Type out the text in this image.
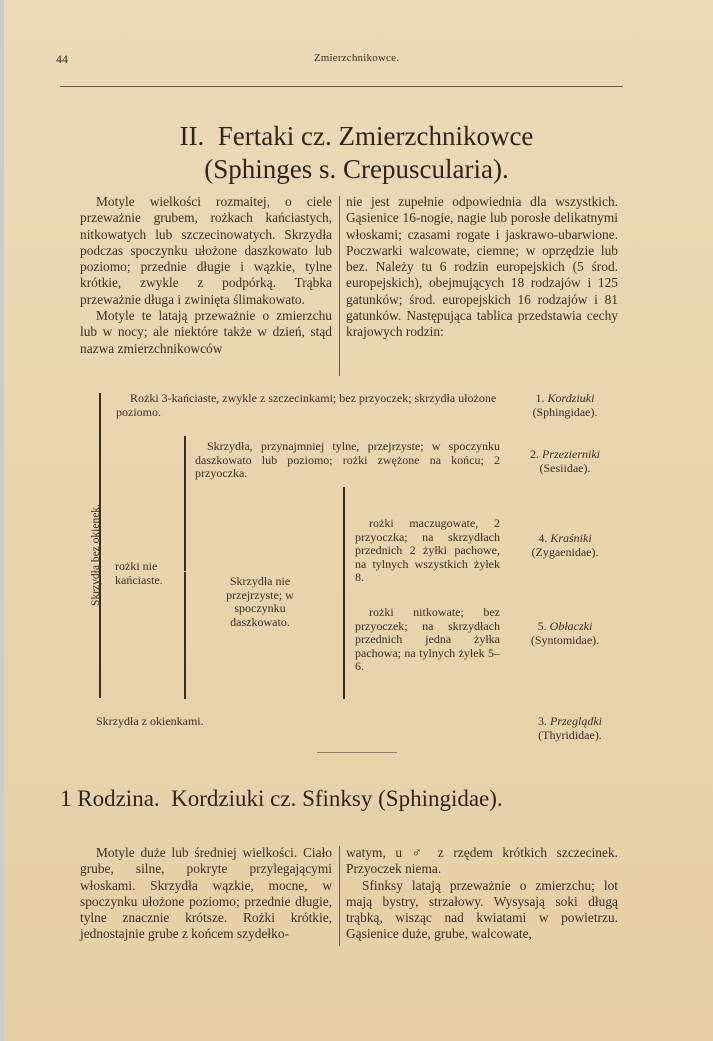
44	Zmierzchnikowce.
II.  Fertaki cz. Zmierzchnikowce
(Sphinges s. Crepuscularia).

Motyle wielkości rozmaitej, o ciele przeważnie grubem, rożkach kańciastych, nitkowatych lub szczecinowatych. Skrzydła podczas spoczynku ułożone daszkowato lub poziomo; przednie długie i wązkie, tylne krótkie, zwykle z podpórką. Trąbka przeważnie długa i zwinięta ślimakowato.

Motyle te latają przeważnie o zmierzchu lub w nocy; ale niektóre także w dzień, stąd nazwa zmierzchnikowców

nie jest zupełnie odpowiednia dla wszystkich. Gąsienice 16-nogie, nagie lub porosłe delikatnymi włoskami; czasami rogate i jaskrawo-ubarwione. Poczwarki walcowate, ciemne; w oprzędzie lub bez. Należy tu 6 rodzin europejskich (5 środ. europejskich), obejmujących 18 rodzajów i 125 gatunków; środ. europejskich 16 rodzajów i 81 gatunków. Następująca tablica przedstawia cechy krajowych rodzin:

Skrzydła bez okienek.
Rożki 3-kańciaste, zwykle z szczecinkami; bez przyoczek; skrzydła ułożone poziomo.
rożki nie kańciaste.
Skrzydła, przynajmniej tylne, przejrzyste; w spoczynku daszkowato lub poziomo; rożki zwężone na końcu; 2 przyoczka.
Skrzydła nie przejrzyste; w spoczynku daszkowato.
rożki maczugowate, 2 przyoczka; na skrzydłach przednich 2 żyłki pachowe, na tylnych wszystkich żyłek 8.
rożki nitkowate; bez przyoczek; na skrzydłach przednich jedna żyłka pachowa; na tylnych żyłek 5–6.
Skrzydła z okienkami.
1. Kordziuki
(Sphingidae).
2. Przezierniki
(Sesiidae).
4. Kraśniki
(Zygaenidae).
5. Obłaczki
(Syntomidae).
3. Przeglądki
(Thyrididae).
1 Rodzina.  Kordziuki cz. Sfinksy (Sphingidae).

Motyle duże lub średniej wielkości. Ciało grube, silne, pokryte przylegającymi włoskami. Skrzydła wązkie, mocne, w spoczynku ułożone poziomo; przednie długie, tylne znacznie krótsze. Rożki krótkie, jednostajnie grube z końcem szydełko-

watym, u ♂ z rzędem krótkich szczecinek. Przyoczek niema.

Sfinksy latają przeważnie o zmierzchu; lot mają bystry, strzałowy. Wysysają soki długą trąbką, wisząc nad kwiatami w powietrzu. Gąsienice duże, grube, walcowate,
